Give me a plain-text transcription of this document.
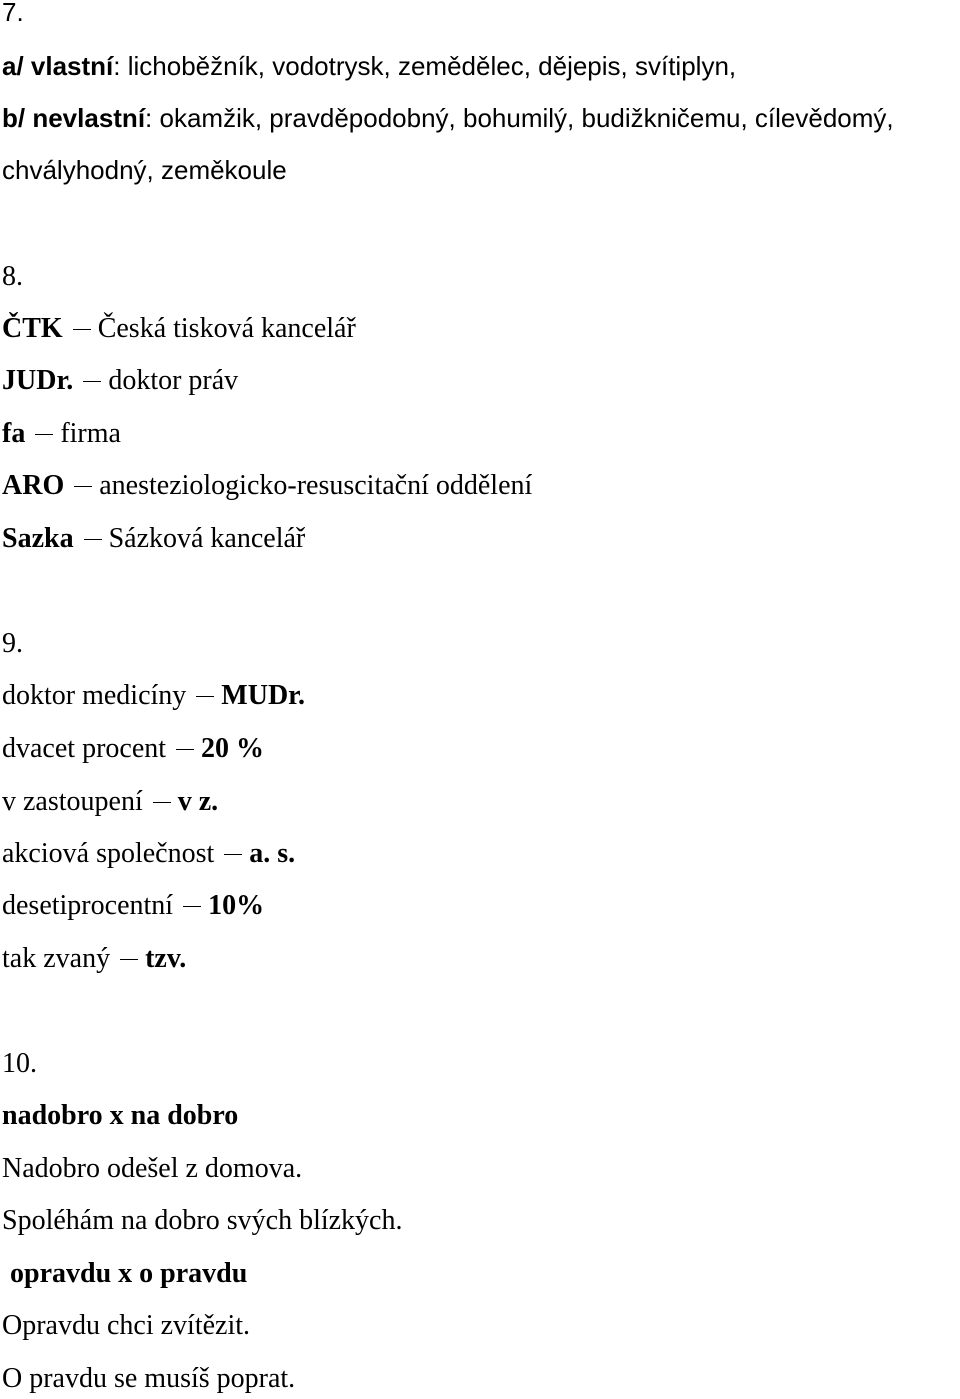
7.
a/ vlastní: lichoběžník, vodotrysk, zemědělec, dějepis, svítiplyn,
b/ nevlastní: okamžik, pravděpodobný, bohumilý, budižkničemu, cílevědomý,
chvályhodný, zeměkoule
8.
ČTK Česká tisková kancelář
JUDr. doktor práv
fa firma
ARO anesteziologicko-resuscitační oddělení
Sazka Sázková kancelář
9.
doktor medicíny MUDr.
dvacet procent 20 %
v zastoupení v z.
akciová společnost a. s.
desetiprocentní 10%
tak zvaný tzv.
10.
nadobro x na dobro
Nadobro odešel z domova.
Spoléhám na dobro svých blízkých.
opravdu x o pravdu
Opravdu chci zvítězit.
O pravdu se musíš poprat.
